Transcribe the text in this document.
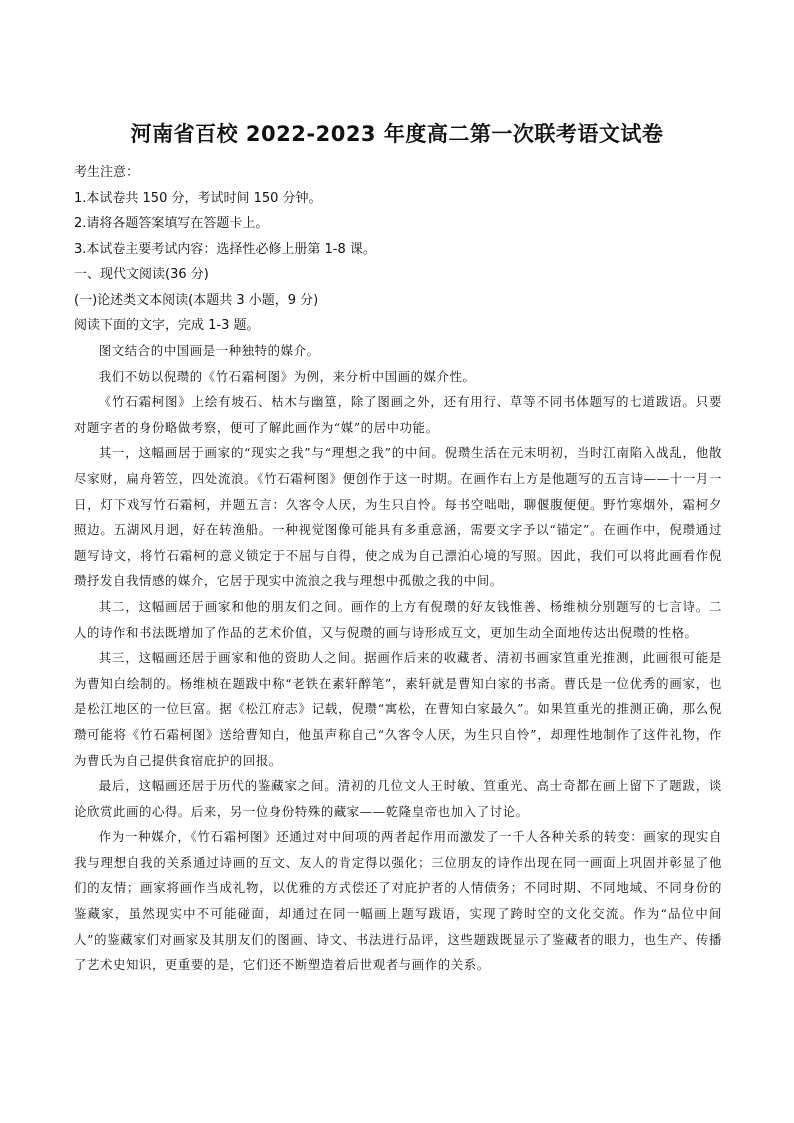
河南省百校 2022-2023 年度高二第一次联考语文试卷
考生注意：
1.本试卷共 150 分，考试时间 150 分钟。
2.请将各题答案填写在答题卡上。
3.本试卷主要考试内容：选择性必修上册第 1-8 课。
一、现代文阅读(36 分)
(一)论述类文本阅读(本题共 3 小题，9 分)
阅读下面的文字，完成 1-3 题。

图文结合的中国画是一种独特的媒介。

我们不妨以倪瓒的《竹石霜柯图》为例，来分析中国画的媒介性。

《竹石霜柯图》上绘有坡石、枯木与幽篁，除了图画之外，还有用行、草等不同书体题写的七道跋语。只要对题字者的身份略做考察，便可了解此画作为“媒”的居中功能。

其一，这幅画居于画家的“现实之我”与“理想之我”的中间。倪瓒生活在元末明初，当时江南陷入战乱，他散尽家财，扁舟箬笠，四处流浪。《竹石霜柯图》便创作于这一时期。在画作右上方是他题写的五言诗——十一月一日，灯下戏写竹石霜柯，并题五言：久客令人厌，为生只自怜。每书空咄咄，聊偃腹便便。野竹寒烟外，霜柯夕照边。五湖风月迥，好在转渔船。一种视觉图像可能具有多重意涵，需要文字予以“锚定”。在画作中，倪瓒通过题写诗文，将竹石霜柯的意义锁定于不屈与自得，使之成为自己漂泊心境的写照。因此，我们可以将此画看作倪瓒抒发自我情感的媒介，它居于现实中流浪之我与理想中孤傲之我的中间。

其二，这幅画居于画家和他的朋友们之间。画作的上方有倪瓒的好友钱惟善、杨维桢分别题写的七言诗。二人的诗作和书法既增加了作品的艺术价值，又与倪瓒的画与诗形成互文，更加生动全面地传达出倪瓒的性格。

其三，这幅画还居于画家和他的资助人之间。据画作后来的收藏者、清初书画家笪重光推测，此画很可能是为曹知白绘制的。杨维桢在题跋中称“老铁在素轩醉笔”，素轩就是曹知白家的书斋。曹氏是一位优秀的画家，也是松江地区的一位巨富。据《松江府志》记载，倪瓒“寓松，在曹知白家最久”。如果笪重光的推测正确，那么倪瓒可能将《竹石霜柯图》送给曹知白，他虽声称自己“久客令人厌，为生只自怜”，却理性地制作了这件礼物，作为曹氏为自己提供食宿庇护的回报。

最后，这幅画还居于历代的鉴藏家之间。清初的几位文人王时敏、笪重光、高士奇都在画上留下了题跋，谈论欣赏此画的心得。后来，另一位身份特殊的藏家——乾隆皇帝也加入了讨论。

作为一种媒介，《竹石霜柯图》还通过对中间项的两者起作用而激发了一千人各种关系的转变：画家的现实自我与理想自我的关系通过诗画的互文、友人的肯定得以强化；三位朋友的诗作出现在同一画面上巩固并彰显了他们的友情；画家将画作当成礼物，以优雅的方式偿还了对庇护者的人情债务；不同时期、不同地域、不同身份的鉴藏家，虽然现实中不可能碰面，却通过在同一幅画上题写跋语，实现了跨时空的文化交流。作为“品位中间人”的鉴藏家们对画家及其朋友们的图画、诗文、书法进行品评，这些题跋既显示了鉴藏者的眼力，也生产、传播了艺术史知识，更重要的是，它们还不断塑造着后世观者与画作的关系。
